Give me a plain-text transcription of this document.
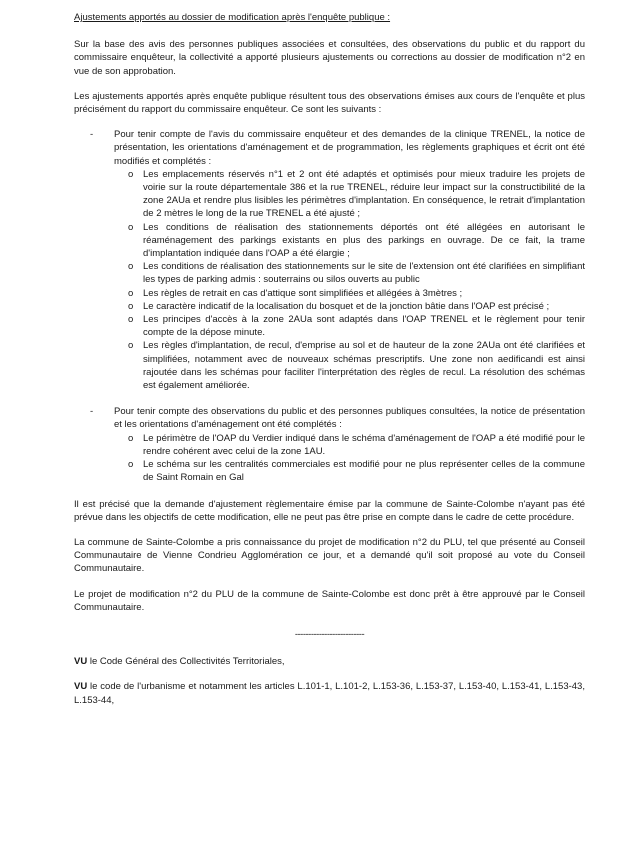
Ajustements apportés au dossier de modification après l'enquête publique :

Sur la base des avis des personnes publiques associées et consultées, des observations du public et du rapport du commissaire enquêteur, la collectivité a apporté plusieurs ajustements ou corrections au dossier de modification n°2 en vue de son approbation.

Les ajustements apportés après enquête publique résultent tous des observations émises aux cours de l'enquête et plus précisément du rapport du commissaire enquêteur. Ce sont les suivants :

- Pour tenir compte de l'avis du commissaire enquêteur et des demandes de la clinique TRENEL, la notice de présentation, les orientations d'aménagement et de programmation, les règlements graphiques et écrit ont été modifiés et complétés :

o Les emplacements réservés n°1 et 2 ont été adaptés et optimisés pour mieux traduire les projets de voirie sur la route départementale 386 et la rue TRENEL, réduire leur impact sur la constructibilité de la zone 2AUa et rendre plus lisibles les périmètres d'implantation. En conséquence, le retrait d'implantation de 2 mètres le long de la rue TRENEL a été ajusté ;
o Les conditions de réalisation des stationnements déportés ont été allégées en autorisant le réaménagement des parkings existants en plus des parkings en ouvrage. De ce fait, la trame d'implantation indiquée dans l'OAP a été élargie ;
o Les conditions de réalisation des stationnements sur le site de l'extension ont été clarifiées en simplifiant les types de parking admis : souterrains ou silos ouverts au public
o Les règles de retrait en cas d'attique sont simplifiées et allégées à 3mètres ;
o Le caractère indicatif de la localisation du bosquet et de la jonction bâtie dans l'OAP est précisé ;
o Les principes d'accès à la zone 2AUa sont adaptés dans l'OAP TRENEL et le règlement pour tenir compte de la dépose minute.
o Les règles d'implantation, de recul, d'emprise au sol et de hauteur de la zone 2AUa ont été clarifiées et simplifiées, notamment avec de nouveaux schémas prescriptifs. Une zone non aedificandi est ainsi rajoutée dans les schémas pour faciliter l'interprétation des règles de recul. La résolution des schémas est également améliorée.
- Pour tenir compte des observations du public et des personnes publiques consultées, la notice de présentation et les orientations d'aménagement ont été complétés :

o Le périmètre de l'OAP du Verdier indiqué dans le schéma d'aménagement de l'OAP a été modifié pour le rendre cohérent avec celui de la zone 1AU.
o Le schéma sur les centralités commerciales est modifié pour ne plus représenter celles de la commune de Saint Romain en Gal

Il est précisé que la demande d'ajustement règlementaire émise par la commune de Sainte-Colombe n'ayant pas été prévue dans les objectifs de cette modification, elle ne peut pas être prise en compte dans le cadre de cette procédure.

La commune de Sainte-Colombe a pris connaissance du projet de modification n°2 du PLU, tel que présenté au Conseil Communautaire de Vienne Condrieu Agglomération ce jour, et a demandé qu'il soit proposé au vote du Conseil Communautaire.

Le projet de modification n°2 du PLU de la commune de Sainte-Colombe est donc prêt à être approuvé par le Conseil Communautaire.

--------------------------

VU le Code Général des Collectivités Territoriales,

VU le code de l'urbanisme et notamment les articles L.101-1, L.101-2, L.153-36, L.153-37, L.153-40, L.153-41, L.153-43, L.153-44,
